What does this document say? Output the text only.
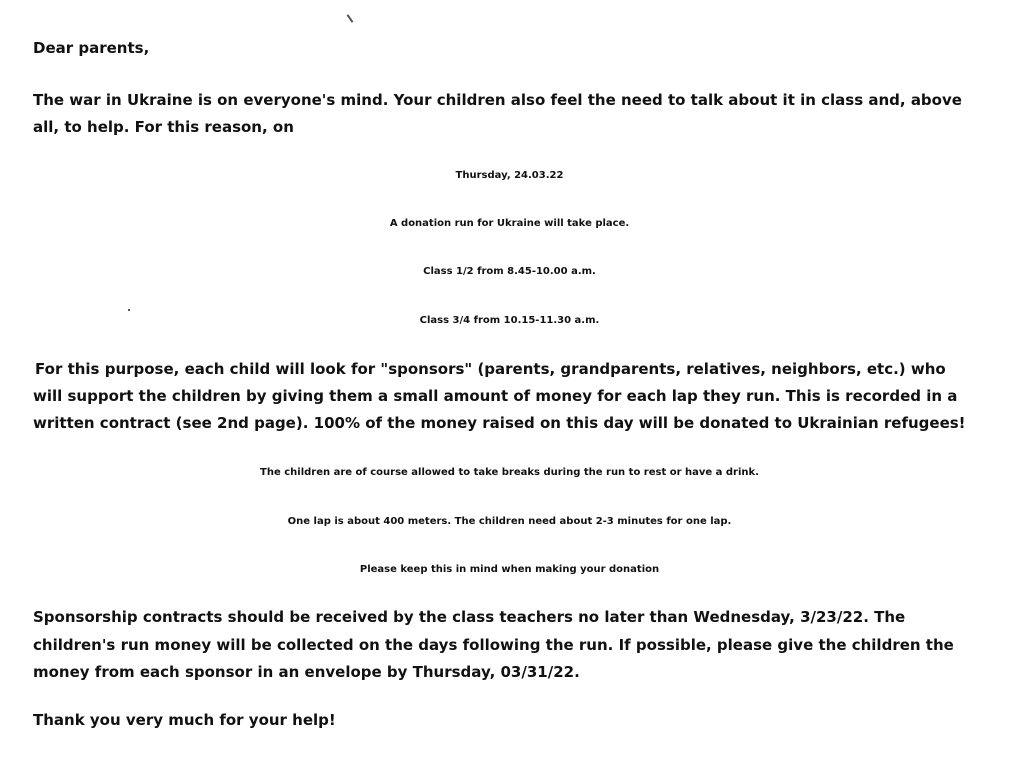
Dear parents,

The war in Ukraine is on everyone's mind. Your children also feel the need to talk about it in class and, above

all, to help. For this reason, on

Thursday, 24.03.22

A donation run for Ukraine will take place.

Class 1/2 from 8.45-10.00 a.m.

Class 3/4 from 10.15-11.30 a.m.

For this purpose, each child will look for "sponsors" (parents, grandparents, relatives, neighbors, etc.) who

will support the children by giving them a small amount of money for each lap they run. This is recorded in a

written contract (see 2nd page). 100% of the money raised on this day will be donated to Ukrainian refugees!

The children are of course allowed to take breaks during the run to rest or have a drink.

One lap is about 400 meters. The children need about 2-3 minutes for one lap.

Please keep this in mind when making your donation

Sponsorship contracts should be received by the class teachers no later than Wednesday, 3/23/22. The

children's run money will be collected on the days following the run. If possible, please give the children the

money from each sponsor in an envelope by Thursday, 03/31/22.

Thank you very much for your help!
